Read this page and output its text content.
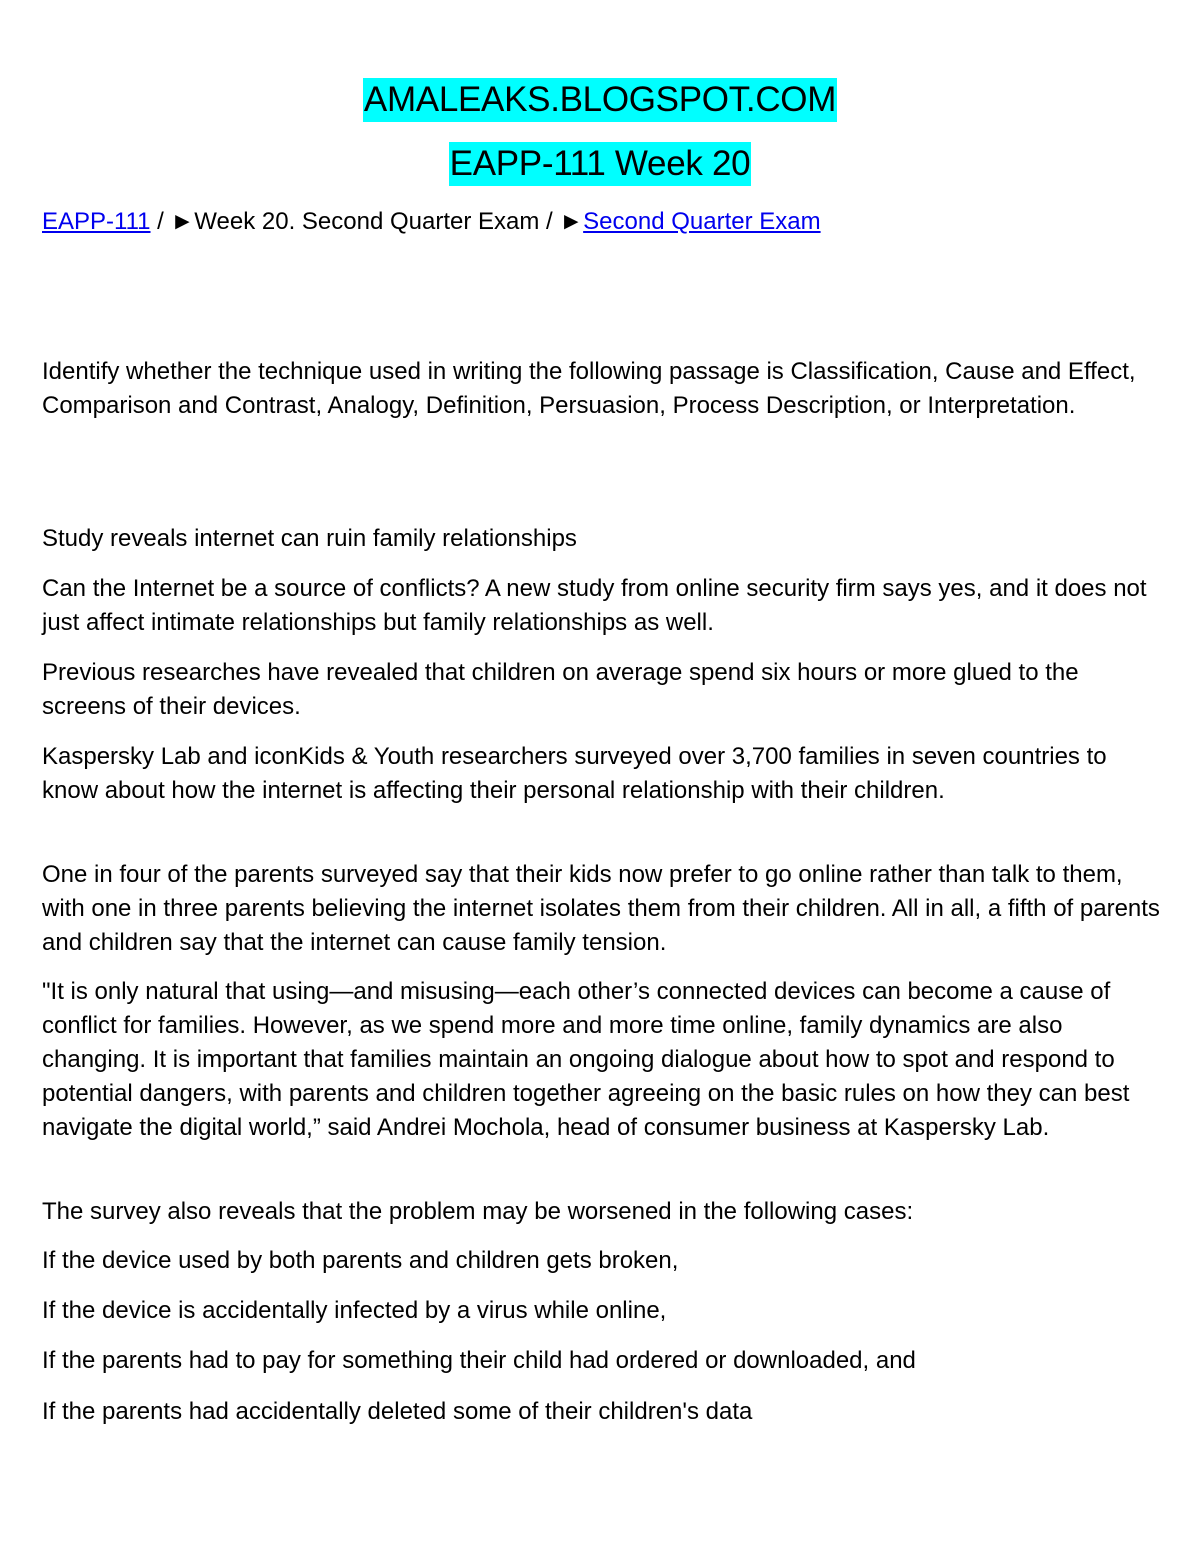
AMALEAKS.BLOGSPOT.COM
EAPP-111 Week 20
EAPP-111 / ►Week 20. Second Quarter Exam / ►Second Quarter Exam

Identify whether the technique used in writing the following passage is Classification, Cause and Effect, Comparison and Contrast, Analogy, Definition, Persuasion, Process Description, or Interpretation.

Study reveals internet can ruin family relationships

Can the Internet be a source of conflicts? A new study from online security firm says yes, and it does not just affect intimate relationships but family relationships as well.

Previous researches have revealed that children on average spend six hours or more glued to the screens of their devices.

Kaspersky Lab and iconKids & Youth researchers surveyed over 3,700 families in seven countries to know about how the internet is affecting their personal relationship with their children.

One in four of the parents surveyed say that their kids now prefer to go online rather than talk to them, with one in three parents believing the internet isolates them from their children. All in all, a fifth of parents and children say that the internet can cause family tension.

"It is only natural that using—and misusing—each other’s connected devices can become a cause of conflict for families. However, as we spend more and more time online, family dynamics are also changing. It is important that families maintain an ongoing dialogue about how to spot and respond to potential dangers, with parents and children together agreeing on the basic rules on how they can best navigate the digital world,” said Andrei Mochola, head of consumer business at Kaspersky Lab.

The survey also reveals that the problem may be worsened in the following cases:

If the device used by both parents and children gets broken,

If the device is accidentally infected by a virus while online,

If the parents had to pay for something their child had ordered or downloaded, and

If the parents had accidentally deleted some of their children's data
